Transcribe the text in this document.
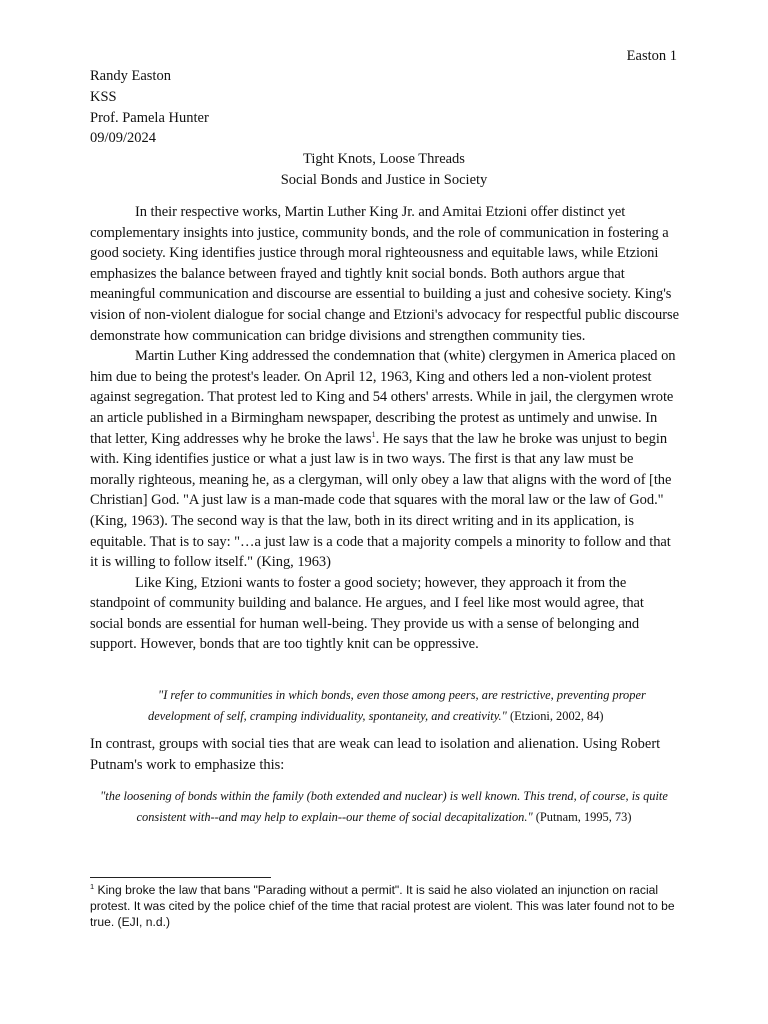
Easton 1
Randy Easton
KSS
Prof. Pamela Hunter
09/09/2024
Tight Knots, Loose Threads
Social Bonds and Justice in Society

In their respective works, Martin Luther King Jr. and Amitai Etzioni offer distinct yet complementary insights into justice, community bonds, and the role of communication in fostering a good society. King identifies justice through moral righteousness and equitable laws, while Etzioni emphasizes the balance between frayed and tightly knit social bonds. Both authors argue that meaningful communication and discourse are essential to building a just and cohesive society. King's vision of non-violent dialogue for social change and Etzioni's advocacy for respectful public discourse demonstrate how communication can bridge divisions and strengthen community ties.

Martin Luther King addressed the condemnation that (white) clergymen in America placed on him due to being the protest's leader. On April 12, 1963, King and others led a non-violent protest against segregation. That protest led to King and 54 others' arrests. While in jail, the clergymen wrote an article published in a Birmingham newspaper, describing the protest as untimely and unwise. In that letter, King addresses why he broke the laws$^1$. He says that the law he broke was unjust to begin with. King identifies justice or what a just law is in two ways. The first is that any law must be morally righteous, meaning he, as a clergyman, will only obey a law that aligns with the word of [the Christian] God. "A just law is a man-made code that squares with the moral law or the law of God." (King, 1963). The second way is that the law, both in its direct writing and in its application, is equitable. That is to say: "…a just law is a code that a majority compels a minority to follow and that it is willing to follow itself." (King, 1963)

Like King, Etzioni wants to foster a good society; however, they approach it from the standpoint of community building and balance. He argues, and I feel like most would agree, that social bonds are essential for human well-being. They provide us with a sense of belonging and support. However, bonds that are too tightly knit can be oppressive.

"I refer to communities in which bonds, even those among peers, are restrictive, preventing proper development of self, cramping individuality, spontaneity, and creativity." (Etzioni, 2002, 84)

In contrast, groups with social ties that are weak can lead to isolation and alienation. Using Robert Putnam's work to emphasize this:

"the loosening of bonds within the family (both extended and nuclear) is well known. This trend, of course, is quite consistent with--and may help to explain--our theme of social decapitalization." (Putnam, 1995, 73)

$^1$ King broke the law that bans "Parading without a permit". It is said he also violated an injunction on racial protest. It was cited by the police chief of the time that racial protest are violent. This was later found not to be true. (EJI, n.d.)
